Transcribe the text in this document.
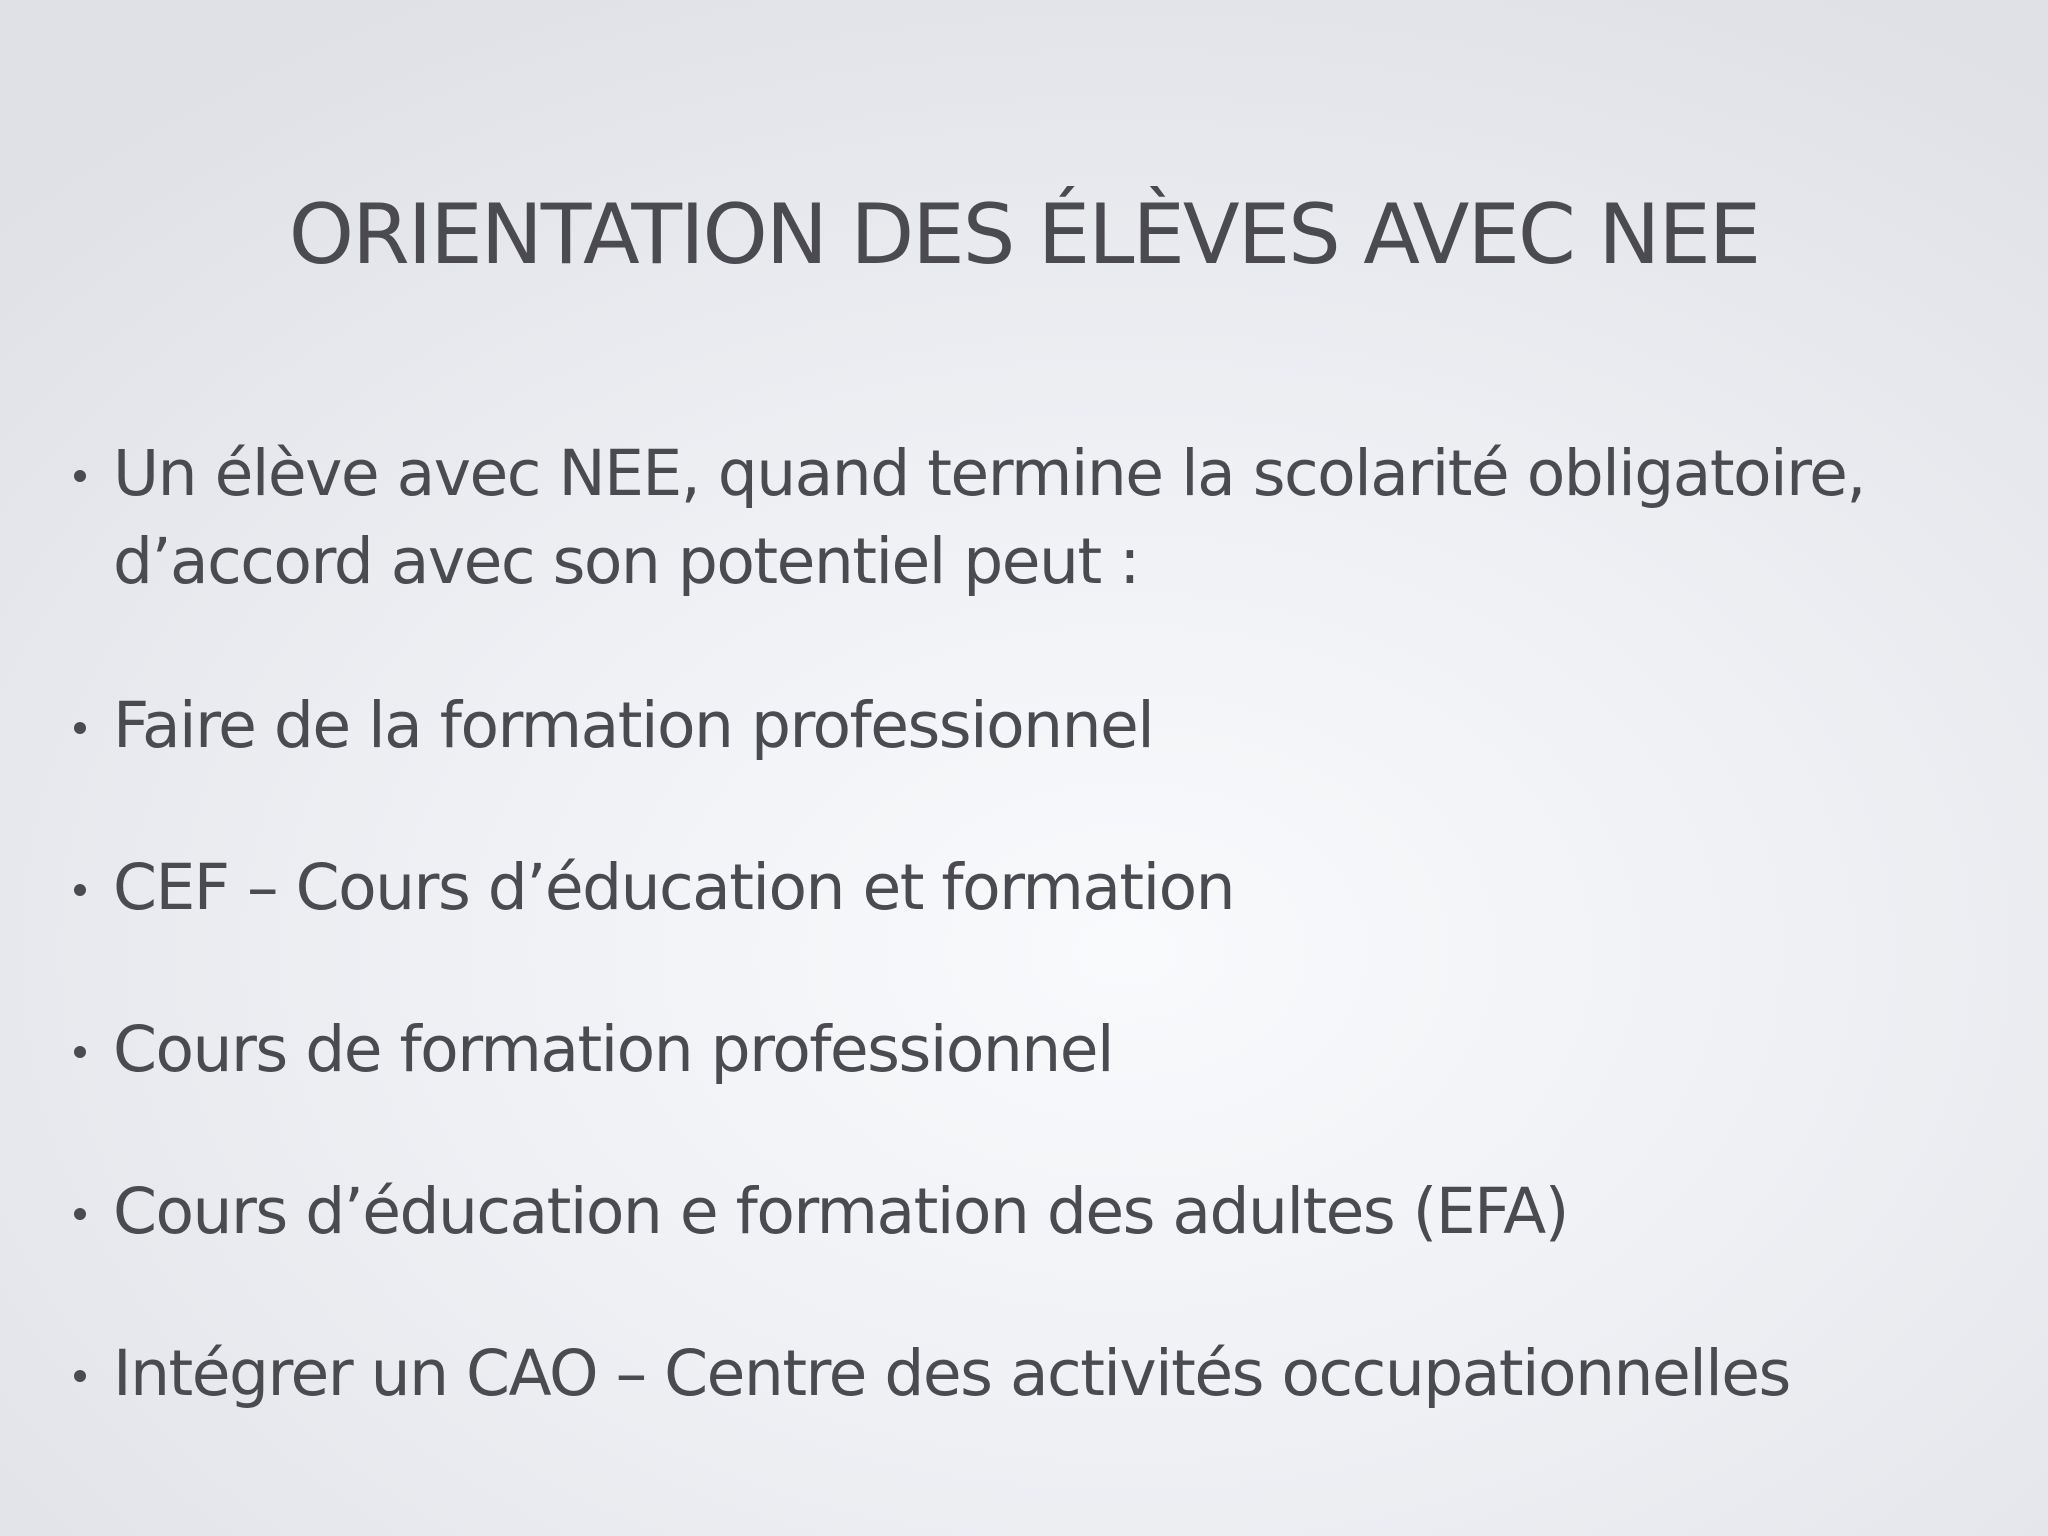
ORIENTATION DES ÉLÈVES AVEC NEE
Un élève avec NEE, quand termine la scolarité obligatoire,
d’accord avec son potentiel peut :
Faire de la formation professionnel
CEF – Cours d’éducation et formation
Cours de formation professionnel
Cours d’éducation e formation des adultes (EFA)
Intégrer un CAO – Centre des activités occupationnelles
